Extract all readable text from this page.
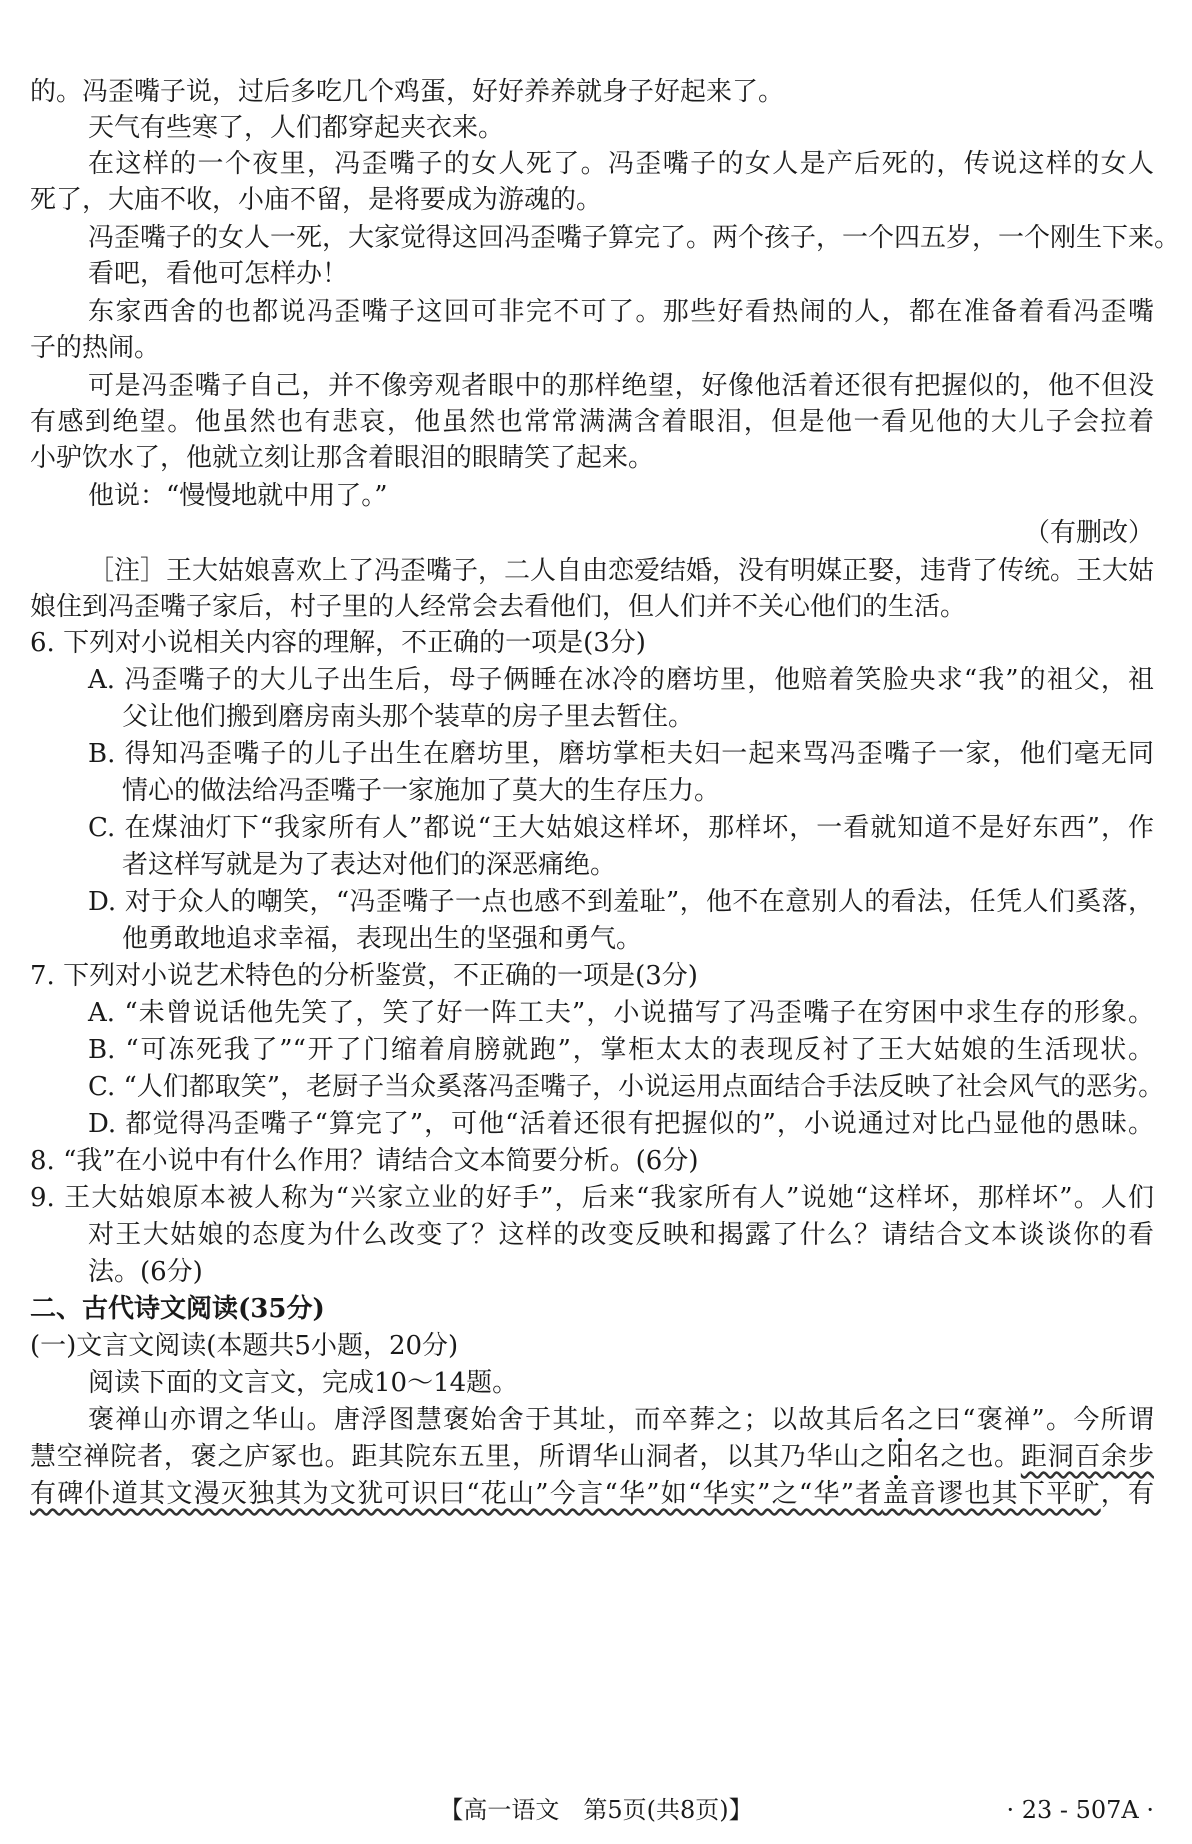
的。冯歪嘴子说，过后多吃几个鸡蛋，好好养养就身子好起来了。
天气有些寒了，人们都穿起夹衣来。
在这样的一个夜里，冯歪嘴子的女人死了。冯歪嘴子的女人是产后死的，传说这样的女人
死了，大庙不收，小庙不留，是将要成为游魂的。
冯歪嘴子的女人一死，大家觉得这回冯歪嘴子算完了。两个孩子，一个四五岁，一个刚生下来。
看吧，看他可怎样办！
东家西舍的也都说冯歪嘴子这回可非完不可了。那些好看热闹的人，都在准备着看冯歪嘴
子的热闹。
可是冯歪嘴子自己，并不像旁观者眼中的那样绝望，好像他活着还很有把握似的，他不但没
有感到绝望。他虽然也有悲哀，他虽然也常常满满含着眼泪，但是他一看见他的大儿子会拉着
小驴饮水了，他就立刻让那含着眼泪的眼睛笑了起来。
他说：“慢慢地就中用了。”
（有删改）
［注］王大姑娘喜欢上了冯歪嘴子，二人自由恋爱结婚，没有明媒正娶，违背了传统。王大姑
娘住到冯歪嘴子家后，村子里的人经常会去看他们，但人们并不关心他们的生活。
6. 下列对小说相关内容的理解，不正确的一项是(3分)
A. 冯歪嘴子的大儿子出生后，母子俩睡在冰冷的磨坊里，他赔着笑脸央求“我”的祖父，祖
父让他们搬到磨房南头那个装草的房子里去暂住。
B. 得知冯歪嘴子的儿子出生在磨坊里，磨坊掌柜夫妇一起来骂冯歪嘴子一家，他们毫无同
情心的做法给冯歪嘴子一家施加了莫大的生存压力。
C. 在煤油灯下“我家所有人”都说“王大姑娘这样坏，那样坏，一看就知道不是好东西”，作
者这样写就是为了表达对他们的深恶痛绝。
D. 对于众人的嘲笑，“冯歪嘴子一点也感不到羞耻”，他不在意别人的看法，任凭人们奚落，
他勇敢地追求幸福，表现出生的坚强和勇气。
7. 下列对小说艺术特色的分析鉴赏，不正确的一项是(3分)
A. “未曾说话他先笑了，笑了好一阵工夫”，小说描写了冯歪嘴子在穷困中求生存的形象。
B. “可冻死我了”“开了门缩着肩膀就跑”，掌柜太太的表现反衬了王大姑娘的生活现状。
C. “人们都取笑”，老厨子当众奚落冯歪嘴子，小说运用点面结合手法反映了社会风气的恶劣。
D. 都觉得冯歪嘴子“算完了”，可他“活着还很有把握似的”，小说通过对比凸显他的愚昧。
8. “我”在小说中有什么作用？请结合文本简要分析。(6分)
9. 王大姑娘原本被人称为“兴家立业的好手”，后来“我家所有人”说她“这样坏，那样坏”。人们
对王大姑娘的态度为什么改变了？这样的改变反映和揭露了什么？请结合文本谈谈你的看
法。(6分)
二、古代诗文阅读(35分)
(一)文言文阅读(本题共5小题，20分)
阅读下面的文言文，完成10～14题。
褒禅山亦谓之华山。唐浮图慧褒始舍于其址，而卒葬之；以故其后名之曰“褒禅”。今所谓
慧空禅院者，褒之庐冢也。距其院东五里，所谓华山洞者，以其乃华山之阳名之也。距洞百余步
有碑仆道其文漫灭独其为文犹可识曰“花山”今言“华”如“华实”之“华”者盖音谬也其下平旷，有
【高一语文　第5页(共8页)】	· 23 - 507A ·
